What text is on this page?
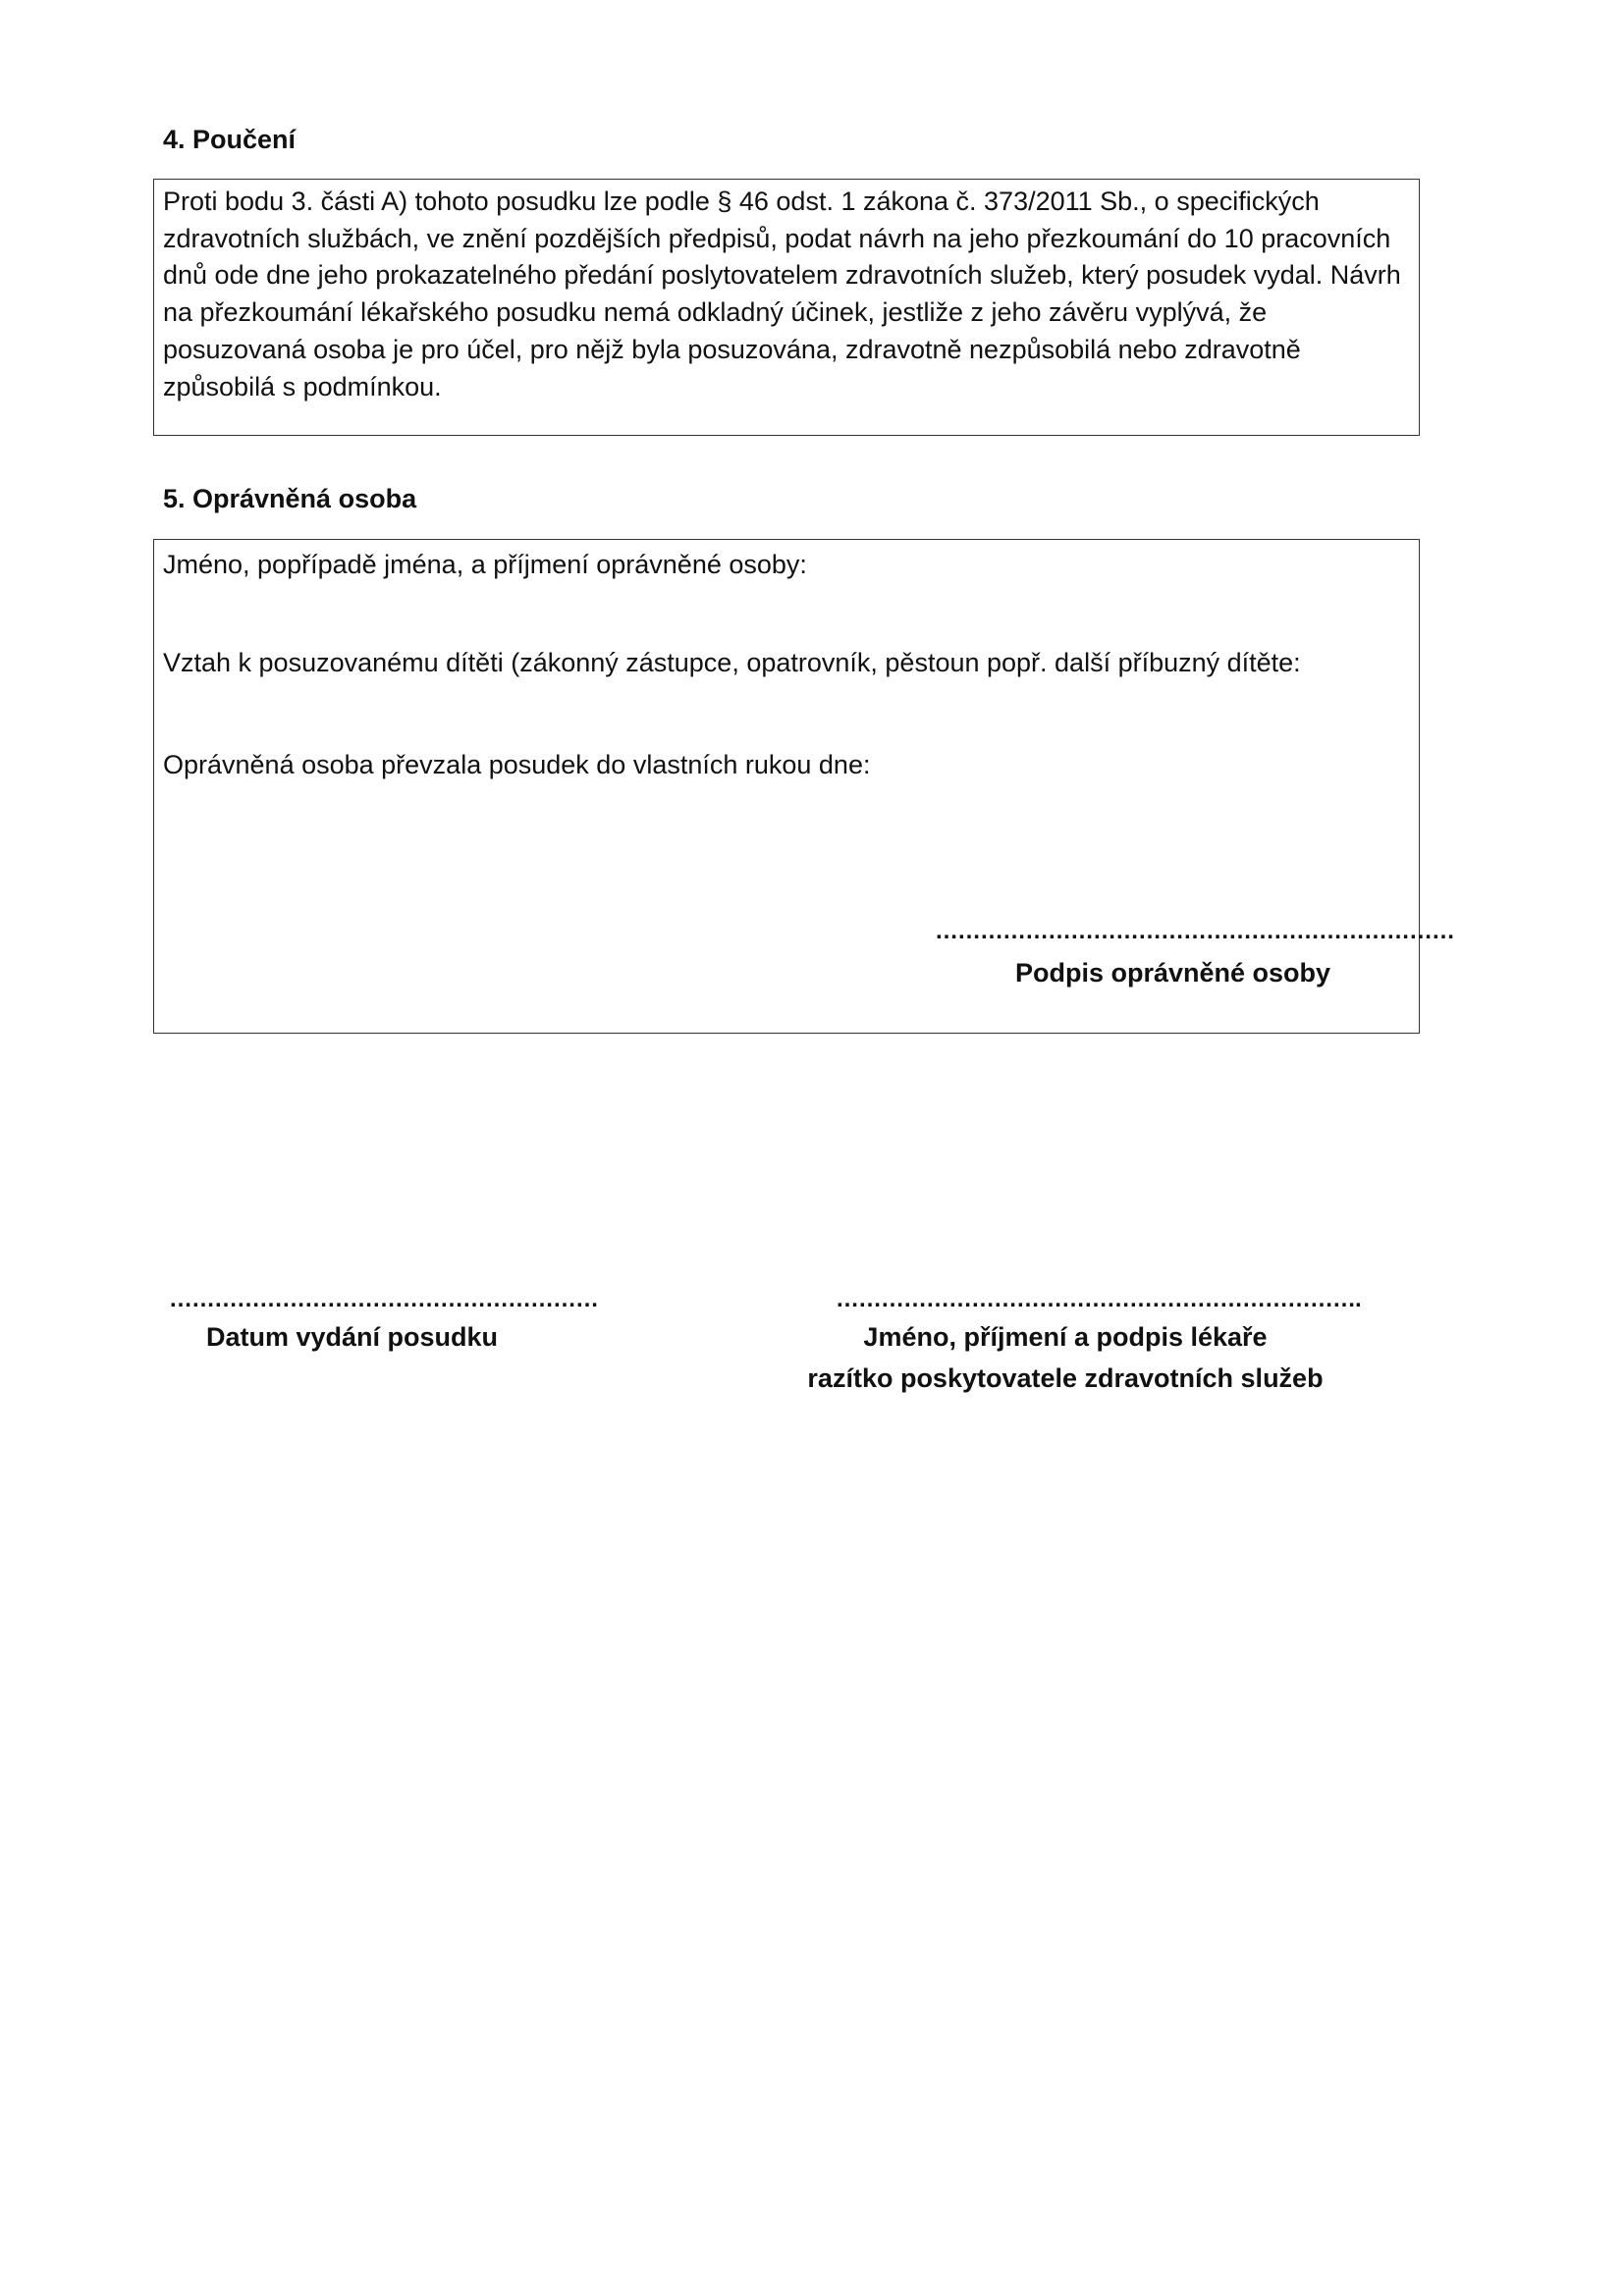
4. Poučení

Proti bodu 3. části A) tohoto posudku lze podle § 46 odst. 1 zákona č. 373/2011 Sb., o specifických zdravotních službách, ve znění pozdějších předpisů, podat návrh na jeho přezkoumání do 10 pracovních dnů ode dne jeho prokazatelného předání poslytovatelem zdravotních služeb, který posudek vydal. Návrh na přezkoumání lékařského posudku nemá odkladný účinek, jestliže z jeho závěru vyplývá, že posuzovaná osoba je pro účel, pro nějž byla posuzována, zdravotně nezpůsobilá nebo zdravotně způsobilá s podmínkou.

5. Oprávněná osoba
Jméno, popřípadě jména, a příjmení oprávněné osoby:
Vztah k posuzovanému dítěti (zákonný zástupce, opatrovník, pěstoun popř. další příbuzný dítěte:
Oprávněná osoba převzala posudek do vlastních rukou dne:
……………………………………………………………
Podpis oprávněné osoby
…………………………………………………
Datum vydání posudku
…………………………………………………………….
Jméno, příjmení a podpis lékaře
razítko poskytovatele zdravotních služeb
